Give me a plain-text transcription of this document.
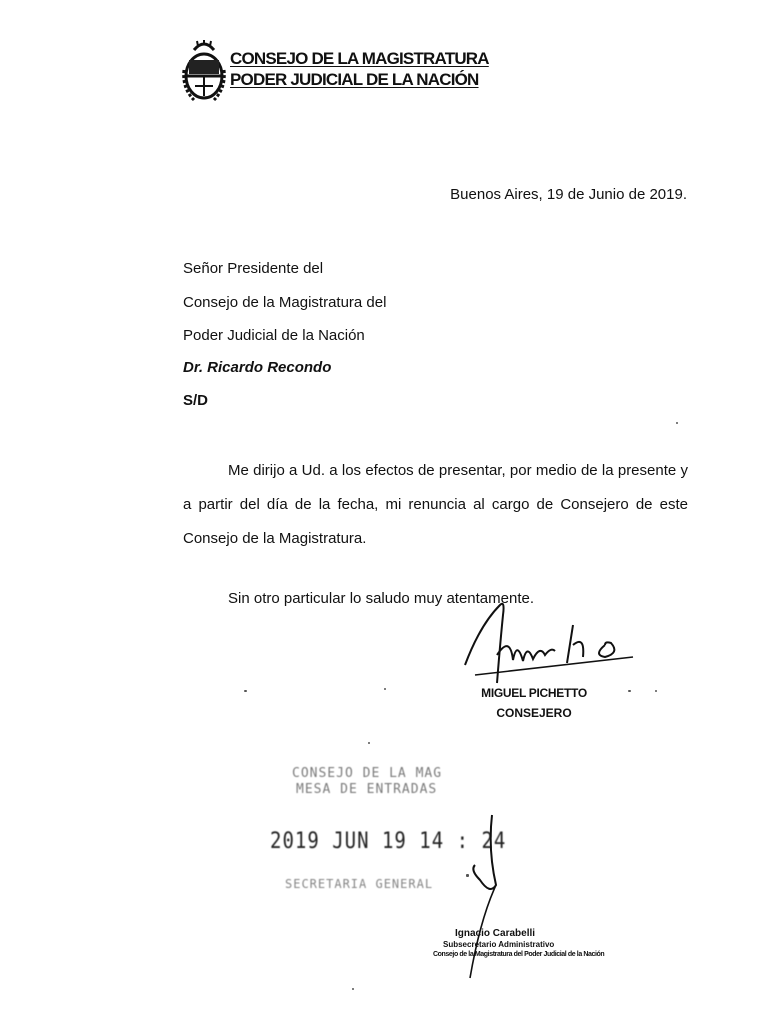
CONSEJO DE LA MAGISTRATURA
PODER JUDICIAL DE LA NACIÓN
Buenos Aires, 19 de Junio de 2019.
Señor Presidente del
Consejo de la Magistratura del
Poder Judicial de la Nación
Dr. Ricardo Recondo
S/D
Me dirijo a Ud. a los efectos de presentar, por medio de la presente y a partir del día de la fecha, mi renuncia al cargo de Consejero de este Consejo de la Magistratura.
Sin otro particular lo saludo muy atentamente.
MIGUEL PICHETTO
CONSEJERO
CONSEJO DE LA MAG
MESA DE ENTRADAS
2019 JUN 19 14 : 24
SECRETARIA GENERAL
Ignacio Carabelli
Subsecretario Administrativo
Consejo de la Magistratura del Poder Judicial de la Nación
